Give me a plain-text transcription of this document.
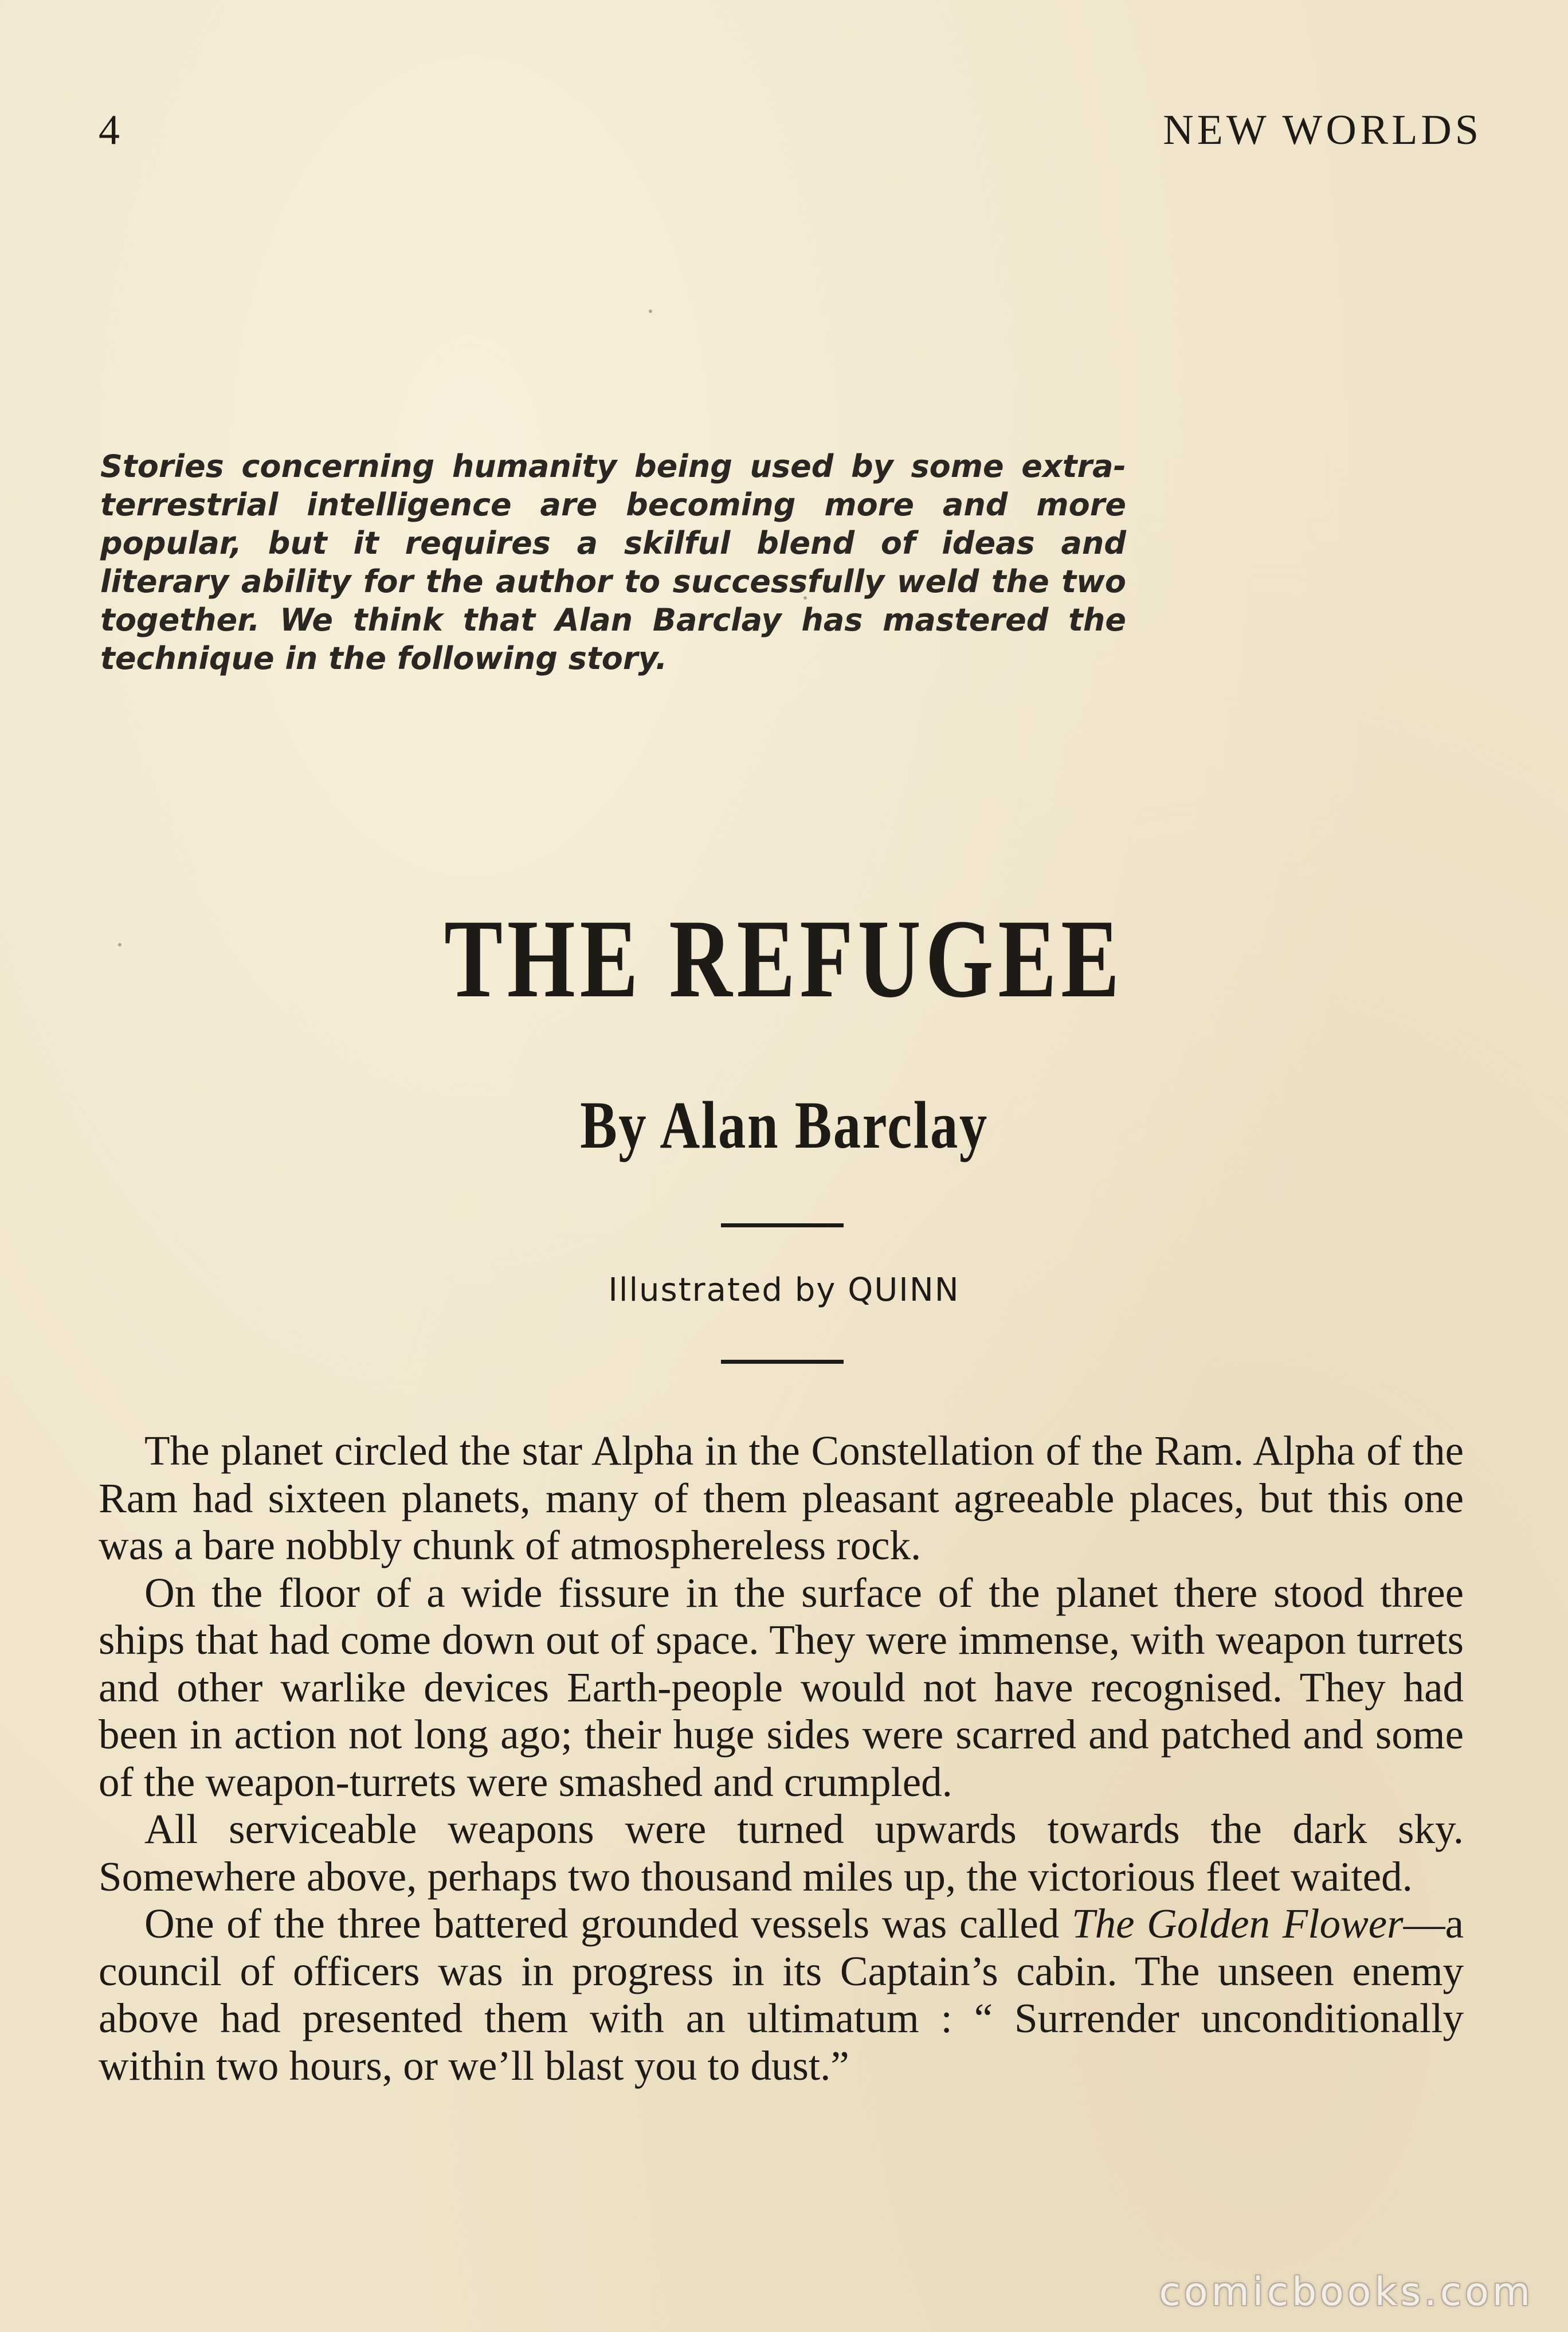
4	NEW WORLDS
Stories concerning humanity being used by some extra-terrestrial intelligence are becoming more and more popular, but it requires a skilful blend of ideas and literary ability for the author to successfully weld the two together. We think that Alan Barclay has mastered the technique in the following story.
THE REFUGEE
By Alan Barclay
Illustrated by QUINN

The planet circled the star Alpha in the Constellation of the Ram. Alpha of the Ram had sixteen planets, many of them pleasant agreeable places, but this one was a bare nobbly chunk of atmosphereless rock.

On the floor of a wide fissure in the surface of the planet there stood three ships that had come down out of space. They were immense, with weapon turrets and other warlike devices Earth-people would not have recognised. They had been in action not long ago; their huge sides were scarred and patched and some of the weapon-turrets were smashed and crumpled.

All serviceable weapons were turned upwards towards the dark sky. Somewhere above, perhaps two thousand miles up, the victorious fleet waited.

One of the three battered grounded vessels was called The Golden Flower—a council of officers was in progress in its Captain’s cabin. The unseen enemy above had presented them with an ultimatum : “ Surrender unconditionally within two hours, or we’ll blast you to dust.”

comicbooks.com
